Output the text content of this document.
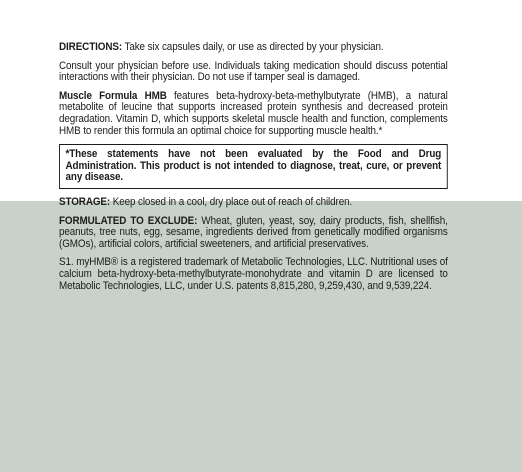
DIRECTIONS: Take six capsules daily, or use as directed by your physician.

Consult your physician before use. Individuals taking medication should discuss potential interactions with their physician. Do not use if tamper seal is damaged.

Muscle Formula HMB features beta-hydroxy-beta-methylbutyrate (HMB), a natural metabolite of leucine that supports increased protein synthesis and decreased protein degradation. Vitamin D, which supports skeletal muscle health and function, complements HMB to render this formula an optimal choice for supporting muscle health.*

*These statements have not been evaluated by the Food and Drug Administration. This product is not intended to diagnose, treat, cure, or prevent any disease.

STORAGE: Keep closed in a cool, dry place out of reach of children.

FORMULATED TO EXCLUDE: Wheat, gluten, yeast, soy, dairy products, fish, shellfish, peanuts, tree nuts, egg, sesame, ingredients derived from genetically modified organisms (GMOs), artificial colors, artificial sweeteners, and artificial preservatives.

S1. myHMB® is a registered trademark of Metabolic Technologies, LLC. Nutritional uses of calcium beta-hydroxy-beta-methylbutyrate-monohydrate and vitamin D are licensed to Metabolic Technologies, LLC, under U.S. patents 8,815,280, 9,259,430, and 9,539,224.
